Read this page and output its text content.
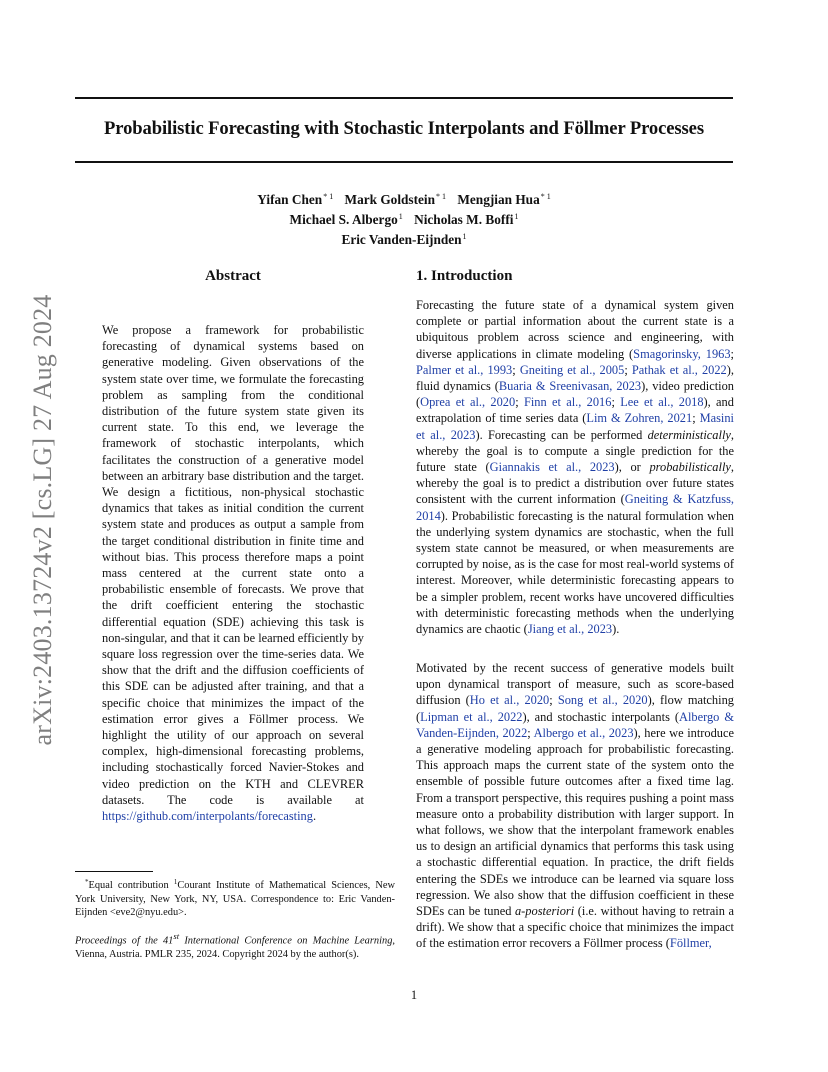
Probabilistic Forecasting with Stochastic Interpolants and Föllmer Processes
Yifan Chen$^{* 1}$ Mark Goldstein$^{* 1}$ Mengjian Hua$^{* 1}$
Michael S. Albergo$^1$ Nicholas M. Boffi$^1$
Eric Vanden-Eijnden$^1$
arXiv:2403.13724v2 [cs.LG] 27 Aug 2024
Abstract
We propose a framework for probabilistic forecasting of dynamical systems based on generative modeling. Given observations of the system state over time, we formulate the forecasting problem as sampling from the conditional distribution of the future system state given its current state. To this end, we leverage the framework of stochastic interpolants, which facilitates the construction of a generative model between an arbitrary base distribution and the target. We design a fictitious, non-physical stochastic dynamics that takes as initial condition the current system state and produces as output a sample from the target conditional distribution in finite time and without bias. This process therefore maps a point mass centered at the current state onto a probabilistic ensemble of forecasts. We prove that the drift coefficient entering the stochastic differential equation (SDE) achieving this task is non-singular, and that it can be learned efficiently by square loss regression over the time-series data. We show that the drift and the diffusion coefficients of this SDE can be adjusted after training, and that a specific choice that minimizes the impact of the estimation error gives a Föllmer process. We highlight the utility of our approach on several complex, high-dimensional forecasting problems, including stochastically forced Navier-Stokes and video prediction on the KTH and CLEVRER datasets. The code is available at https://github.com/interpolants/forecasting.
*Equal contribution $^1$Courant Institute of Mathematical Sciences, New York University, New York, NY, USA. Correspondence to: Eric Vanden-Eijnden <eve2@nyu.edu>.
Proceedings of the 41st International Conference on Machine Learning, Vienna, Austria. PMLR 235, 2024. Copyright 2024 by the author(s).
1. Introduction

Forecasting the future state of a dynamical system given complete or partial information about the current state is a ubiquitous problem across science and engineering, with diverse applications in climate modeling (Smagorinsky, 1963; Palmer et al., 1993; Gneiting et al., 2005; Pathak et al., 2022), fluid dynamics (Buaria & Sreenivasan, 2023), video prediction (Oprea et al., 2020; Finn et al., 2016; Lee et al., 2018), and extrapolation of time series data (Lim & Zohren, 2021; Masini et al., 2023). Forecasting can be performed deterministically, whereby the goal is to compute a single prediction for the future state (Giannakis et al., 2023), or probabilistically, whereby the goal is to predict a distribution over future states consistent with the current information (Gneiting & Katzfuss, 2014). Probabilistic forecasting is the natural formulation when the underlying system dynamics are stochastic, when the full system state cannot be measured, or when measurements are corrupted by noise, as is the case for most real-world systems of interest. Moreover, while deterministic forecasting appears to be a simpler problem, recent works have uncovered difficulties with deterministic forecasting methods when the underlying dynamics are chaotic (Jiang et al., 2023).

Motivated by the recent success of generative models built upon dynamical transport of measure, such as score-based diffusion (Ho et al., 2020; Song et al., 2020), flow matching (Lipman et al., 2022), and stochastic interpolants (Albergo & Vanden-Eijnden, 2022; Albergo et al., 2023), here we introduce a generative modeling approach for probabilistic forecasting. This approach maps the current state of the system onto the ensemble of possible future outcomes after a fixed time lag. From a transport perspective, this requires pushing a point mass measure onto a probability distribution with larger support. In what follows, we show that the interpolant framework enables us to design an artificial dynamics that performs this task using a stochastic differential equation. In practice, the drift fields entering the SDEs we introduce can be learned via square loss regression. We also show that the diffusion coefficient in these SDEs can be tuned a-posteriori (i.e. without having to retrain a drift). We show that a specific choice that minimizes the impact of the estimation error recovers a Föllmer process (Föllmer,

1
